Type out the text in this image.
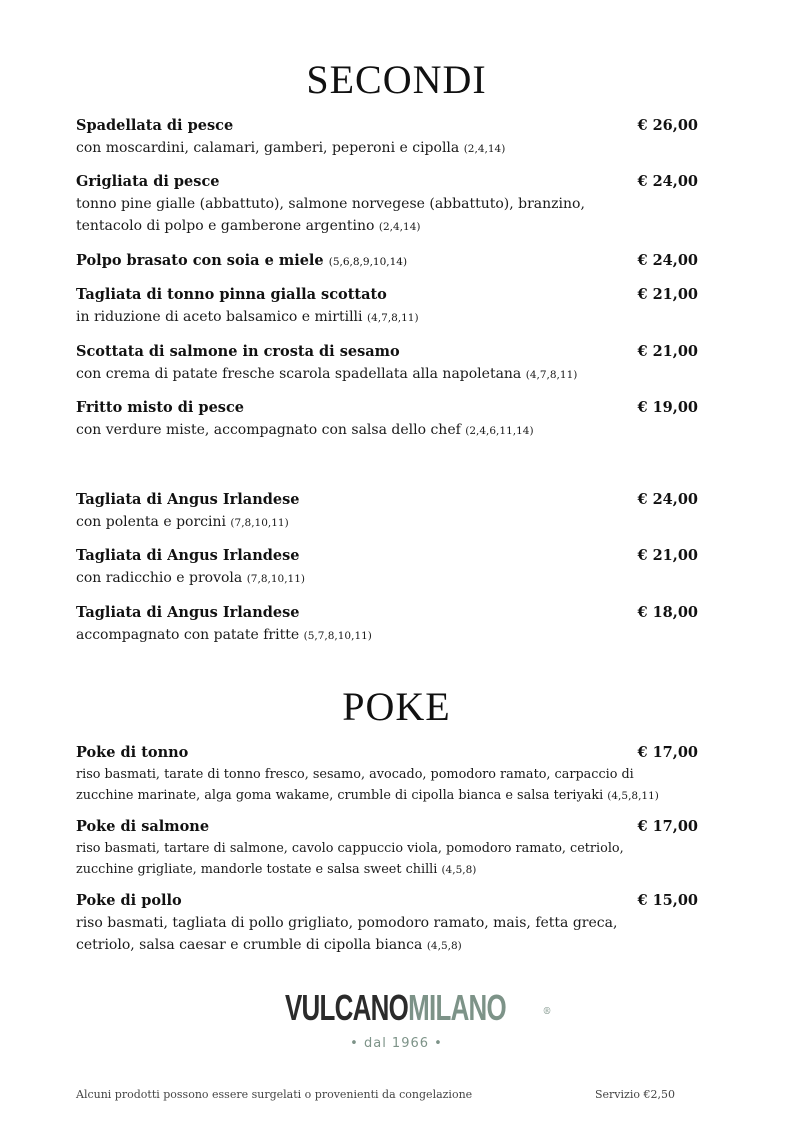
SECONDI
Spadellata di pesce	€ 26,00
con moscardini, calamari, gamberi, peperoni e cipolla (2,4,14)
Grigliata di pesce	€ 24,00
tonno pine gialle (abbattuto), salmone norvegese (abbattuto), branzino,
tentacolo di polpo e gamberone argentino (2,4,14)
Polpo brasato con soia e miele (5,6,8,9,10,14)	€ 24,00
Tagliata di tonno pinna gialla scottato	€ 21,00
in riduzione di aceto balsamico e mirtilli (4,7,8,11)
Scottata di salmone in crosta di sesamo	€ 21,00
con crema di patate fresche scarola spadellata alla napoletana (4,7,8,11)
Fritto misto di pesce	€ 19,00
con verdure miste, accompagnato con salsa dello chef (2,4,6,11,14)
Tagliata di Angus Irlandese	€ 24,00
con polenta e porcini (7,8,10,11)
Tagliata di Angus Irlandese	€ 21,00
con radicchio e provola (7,8,10,11)
Tagliata di Angus Irlandese	€ 18,00
accompagnato con patate fritte (5,7,8,10,11)
POKE
Poke di tonno	€ 17,00
riso basmati, tarate di tonno fresco, sesamo, avocado, pomodoro ramato, carpaccio di
zucchine marinate, alga goma wakame, crumble di cipolla bianca e salsa teriyaki (4,5,8,11)
Poke di salmone	€ 17,00
riso basmati, tartare di salmone, cavolo cappuccio viola, pomodoro ramato, cetriolo,
zucchine grigliate, mandorle tostate e salsa sweet chilli (4,5,8)
Poke di pollo	€ 15,00
riso basmati, tagliata di pollo grigliato, pomodoro ramato, mais, fetta greca,
cetriolo, salsa caesar e crumble di cipolla bianca (4,5,8)
VULCANOMILANO	®
• dal 1966 •
Alcuni prodotti possono essere surgelati o provenienti da congelazione	Servizio €2,50
